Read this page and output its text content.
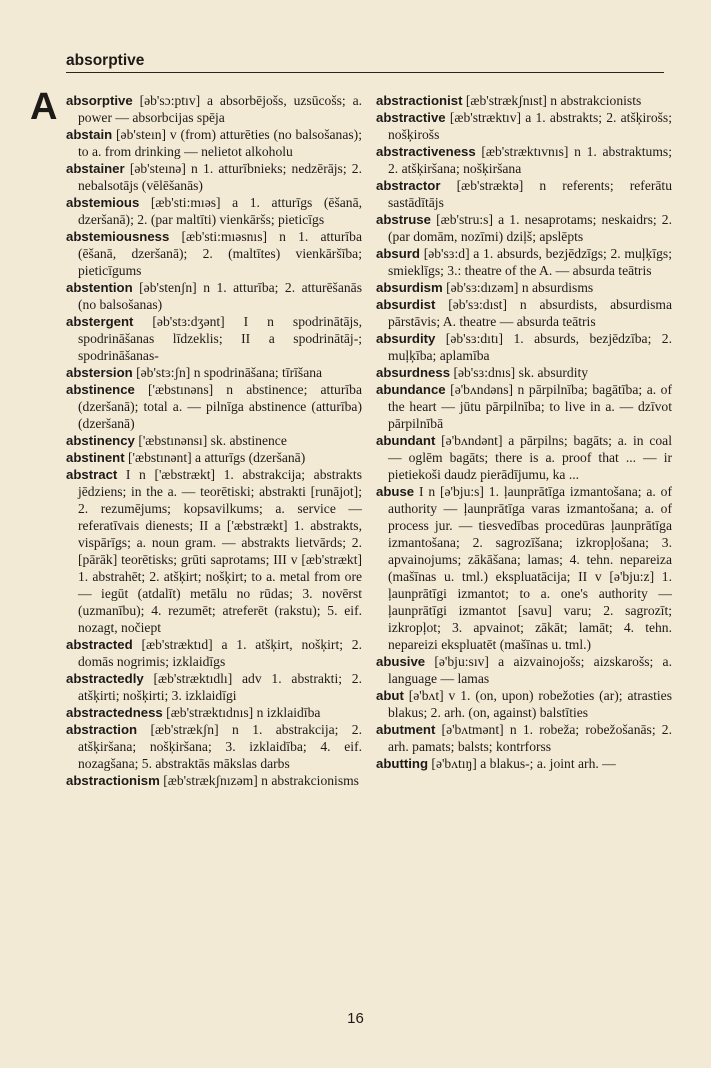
absorptive
A absorptive [əb'sɔ:ptıv] a absorbējošs, uzsūcošs; a. power — absorbcijas spēja

abstain [əb'steın] v (from) atturēties (no balsošanas); to a. from drinking — nelietot alkoholu

abstainer [əb'steınə] n 1. atturībnieks; nedzērājs; 2. nebalsotājs (vēlēšanās)

abstemious [æb'sti:mıəs] a 1. atturīgs (ēšanā, dzeršanā); 2. (par maltīti) vienkāršs; pieticīgs

abstemiousness [æb'sti:mıəsnıs] n 1. atturība (ēšanā, dzeršanā); 2. (maltītes) vienkāršība; pieticīgums

abstention [əb'stenʃn] n 1. atturība; 2. atturēšanās (no balsošanas)

abstergent [əb'stɜ:dʒənt] I n spodrinātājs, spodrināšanas līdzeklis; II a spodrinātāj-; spodrināšanas-

abstersion [əb'stɜ:ʃn] n spodrināšana; tīrīšana

abstinence ['æbstınəns] n abstinence; atturība (dzeršanā); total a. — pilnīga abstinence (atturība) (dzeršanā)

abstinency ['æbstınənsı] sk. abstinence

abstinent ['æbstınənt] a atturīgs (dzeršanā)

abstract I n ['æbstrækt] 1. abstrakcija; abstrakts jēdziens; in the a. — teorētiski; abstrakti [runājot]; 2. rezumējums; kopsavilkums; a. service — referatīvais dienests; II a ['æbstrækt] 1. abstrakts, vispārīgs; a. noun gram. — abstrakts lietvārds; 2. [pārāk] teorētisks; grūti saprotams; III v [æb'strækt] 1. abstrahēt; 2. atšķirt; nošķirt; to a. metal from ore — iegūt (atdalīt) metālu no rūdas; 3. novērst (uzmanību); 4. rezumēt; atreferēt (rakstu); 5. eif. nozagt, nočiept

abstracted [æb'stræktıd] a 1. atšķirt, nošķirt; 2. domās nogrimis; izklaidīgs

abstractedly [æb'stræktıdlı] adv 1. abstrakti; 2. atšķirti; nošķirti; 3. izklaidīgi

abstractedness [æb'stræktıdnıs] n izklaidība

abstraction [æb'strækʃn] n 1. abstrakcija; 2. atšķiršana; nošķiršana; 3. izklaidība; 4. eif. nozagšana; 5. abstraktās mākslas darbs

abstractionism [æb'strækʃnızəm] n abstrakcionisms

abstractionist [æb'strækʃnıst] n abstrakcionists

abstractive [æb'stræktıv] a 1. abstrakts; 2. atšķirošs; nošķirošs

abstractiveness [æb'stræktıvnıs] n 1. abstraktums; 2. atšķiršana; nošķiršana

abstractor [æb'stræktə] n referents; referātu sastādītājs

abstruse [æb'stru:s] a 1. nesaprotams; neskaidrs; 2. (par domām, nozīmi) dziļš; apslēpts

absurd [əb'sɜ:d] a 1. absurds, bezjēdzīgs; 2. muļķīgs; smieklīgs; 3.: theatre of the A. — absurda teātris

absurdism [əb'sɜ:dızəm] n absurdisms

absurdist [əb'sɜ:dıst] n absurdists, absurdisma pārstāvis; A. theatre — absurda teātris

absurdity [əb'sɜ:dıtı] 1. absurds, bezjēdzība; 2. muļķība; aplamība

absurdness [əb'sɜ:dnıs] sk. absurdity

abundance [ə'bʌndəns] n pārpilnība; bagātība; a. of the heart — jūtu pārpilnība; to live in a. — dzīvot pārpilnībā

abundant [ə'bʌndənt] a pārpilns; bagāts; a. in coal — oglēm bagāts; there is a. proof that ... — ir pietiekoši daudz pierādījumu, ka ...

abuse I n [ə'bju:s] 1. ļaunprātīga izmantošana; a. of authority — ļaunprātīga varas izmantošana; a. of process jur. — tiesvedības procedūras ļaunprātīga izmantošana; 2. sagrozīšana; izkropļošana; 3. apvainojums; zākāšana; lamas; 4. tehn. nepareiza (mašīnas u. tml.) ekspluatācija; II v [ə'bju:z] 1. ļaunprātīgi izmantot; to a. one's authority — ļaunprātīgi izmantot [savu] varu; 2. sagrozīt; izkropļot; 3. apvainot; zākāt; lamāt; 4. tehn. nepareizi ekspluatēt (mašīnas u. tml.)

abusive [ə'bju:sıv] a aizvainojošs; aizskarošs; a. language — lamas

abut [ə'bʌt] v 1. (on, upon) robežoties (ar); atrasties blakus; 2. arh. (on, against) balstīties

abutment [ə'bʌtmənt] n 1. robeža; robežošanās; 2. arh. pamats; balsts; kontrforss

abutting [ə'bʌtıŋ] a blakus-; a. joint arh. —

16
